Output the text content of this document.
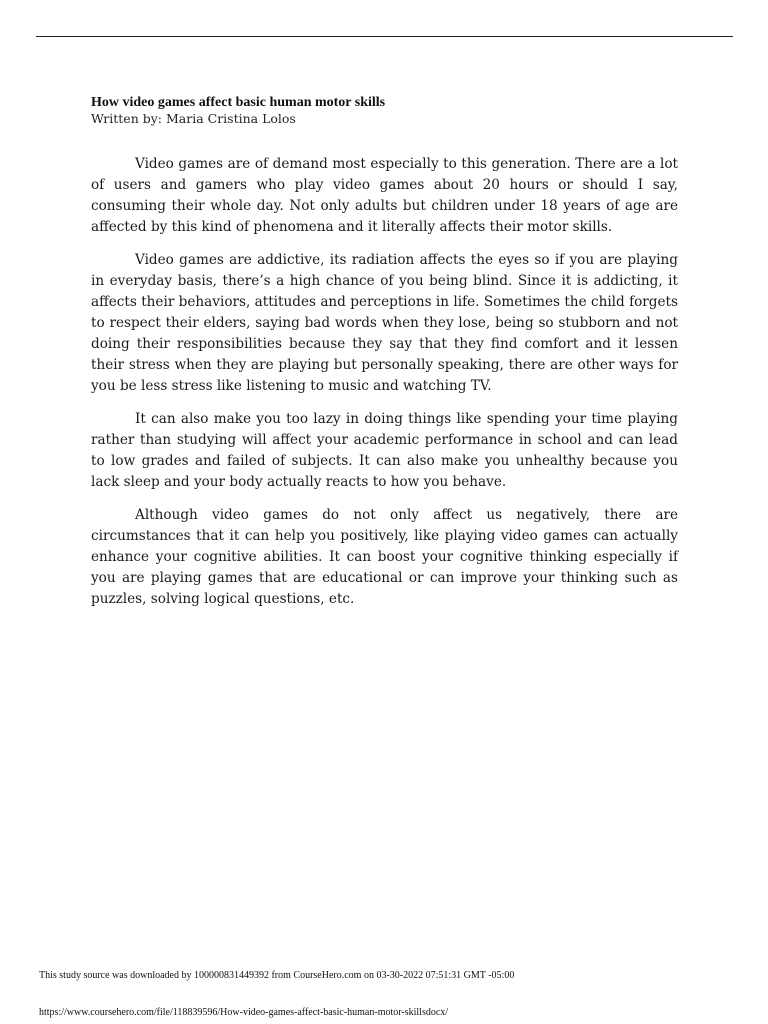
How video games affect basic human motor skills

Written by: Maria Cristina Lolos

Video games are of demand most especially to this generation. There are a lot of users and gamers who play video games about 20 hours or should I say, consuming their whole day. Not only adults but children under 18 years of age are affected by this kind of phenomena and it literally affects their motor skills.

Video games are addictive, its radiation affects the eyes so if you are playing in everyday basis, there’s a high chance of you being blind. Since it is addicting, it affects their behaviors, attitudes and perceptions in life. Sometimes the child forgets to respect their elders, saying bad words when they lose, being so stubborn and not doing their responsibilities because they say that they find comfort and it lessen their stress when they are playing but personally speaking, there are other ways for you be less stress like listening to music and watching TV.

It can also make you too lazy in doing things like spending your time playing rather than studying will affect your academic performance in school and can lead to low grades and failed of subjects. It can also make you unhealthy because you lack sleep and your body actually reacts to how you behave.

Although video games do not only affect us negatively, there are circumstances that it can help you positively, like playing video games can actually enhance your cognitive abilities. It can boost your cognitive thinking especially if you are playing games that are educational or can improve your thinking such as puzzles, solving logical questions, etc.

This study source was downloaded by 100000831449392 from CourseHero.com on 03-30-2022 07:51:31 GMT -05:00
https://www.coursehero.com/file/118839596/How-video-games-affect-basic-human-motor-skillsdocx/
